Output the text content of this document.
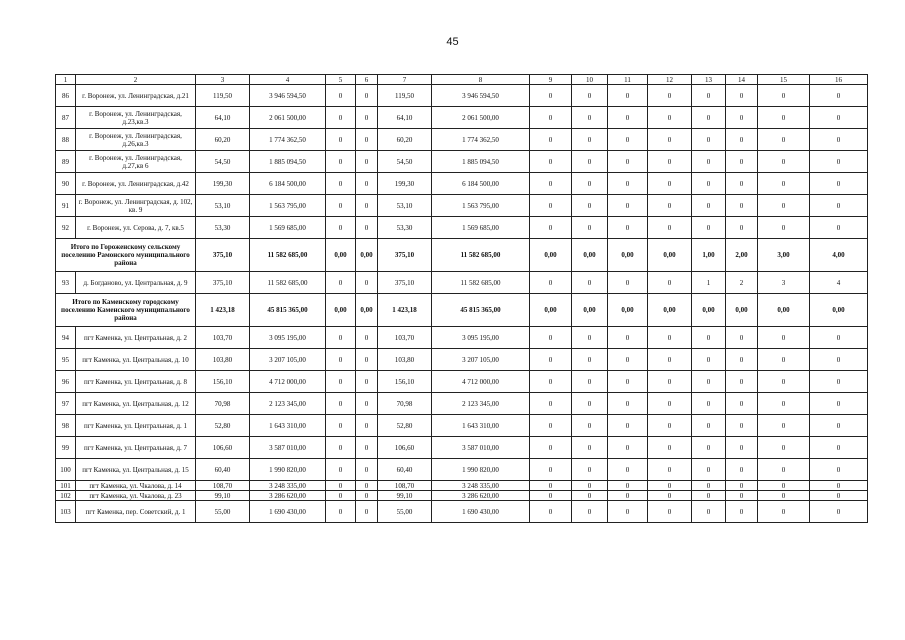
45
1	2	3	4	5	6	7	8	9	10	11	12	13	14	15	16
86	г. Воронеж, ул. Ленинградская, д.21	119,50	3 946 594,50	0	0	119,50	3 946 594,50	0	0	0	0	0	0	0	0
87	г. Воронеж, ул. Ленинградская, д.23,кв.3	64,10	2 061 500,00	0	0	64,10	2 061 500,00	0	0	0	0	0	0	0	0
88	г. Воронеж, ул. Ленинградская, д.26,кв.3	60,20	1 774 362,50	0	0	60,20	1 774 362,50	0	0	0	0	0	0	0	0
89	г. Воронеж, ул. Ленинградская, д.27,кв 6	54,50	1 885 094,50	0	0	54,50	1 885 094,50	0	0	0	0	0	0	0	0
90	г. Воронеж, ул. Ленинградская, д.42	199,30	6 184 500,00	0	0	199,30	6 184 500,00	0	0	0	0	0	0	0	0
91	г. Воронеж, ул. Ленинградская, д. 102, кв. 9	53,10	1 563 795,00	0	0	53,10	1 563 795,00	0	0	0	0	0	0	0	0
92	г. Воронеж, ул. Серова, д. 7, кв.5	53,30	1 569 685,00	0	0	53,30	1 569 685,00	0	0	0	0	0	0	0	0
Итого по Гороженскому сельскому поселению Рамонского муниципального района		375,10	11 582 685,00	0,00	0,00	375,10	11 582 685,00	0,00	0,00	0,00	0,00	1,00	2,00	3,00	4,00
93	д. Богданово, ул. Центральная, д. 9	375,10	11 582 685,00	0	0	375,10	11 582 685,00	0	0	0	0	1	2	3	4
Итого по Каменскому городскому поселению Каменского муниципального района		1 423,18	45 815 365,00	0,00	0,00	1 423,18	45 815 365,00	0,00	0,00	0,00	0,00	0,00	0,00	0,00	0,00
94	пгт Каменка, ул. Центральная, д. 2	103,70	3 095 195,00	0	0	103,70	3 095 195,00	0	0	0	0	0	0	0	0
95	пгт Каменка, ул. Центральная, д. 10	103,80	3 207 105,00	0	0	103,80	3 207 105,00	0	0	0	0	0	0	0	0
96	пгт Каменка, ул. Центральная, д. 8	156,10	4 712 000,00	0	0	156,10	4 712 000,00	0	0	0	0	0	0	0	0
97	пгт Каменка, ул. Центральная, д. 12	70,98	2 123 345,00	0	0	70,98	2 123 345,00	0	0	0	0	0	0	0	0
98	пгт Каменка, ул. Центральная, д. 1	52,80	1 643 310,00	0	0	52,80	1 643 310,00	0	0	0	0	0	0	0	0
99	пгт Каменка, ул. Центральная, д. 7	106,60	3 587 010,00	0	0	106,60	3 587 010,00	0	0	0	0	0	0	0	0
100	пгт Каменка, ул. Центральная, д. 15	60,40	1 990 820,00	0	0	60,40	1 990 820,00	0	0	0	0	0	0	0	0
101	пгт Каменка, ул. Чкалова, д. 14	108,70	3 248 335,00	0	0	108,70	3 248 335,00	0	0	0	0	0	0	0	0
102	пгт Каменка, ул. Чкалова, д. 23	99,10	3 286 620,00	0	0	99,10	3 286 620,00	0	0	0	0	0	0	0	0
103	пгт Каменка, пер. Советский, д. 1	55,00	1 690 430,00	0	0	55,00	1 690 430,00	0	0	0	0	0	0	0	0
